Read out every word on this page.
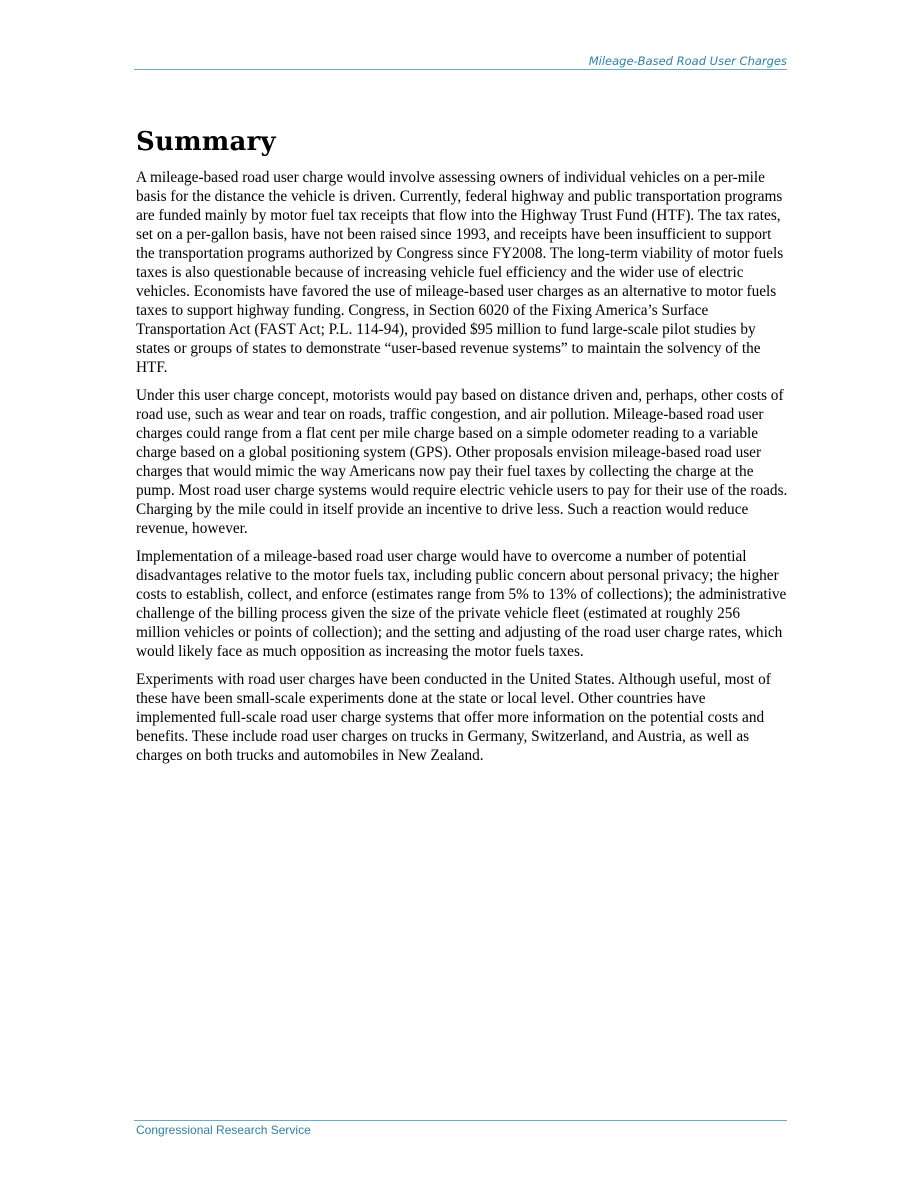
Mileage-Based Road User Charges
Summary

A mileage-based road user charge would involve assessing owners of individual vehicles on a per-mile basis for the distance the vehicle is driven. Currently, federal highway and public transportation programs are funded mainly by motor fuel tax receipts that flow into the Highway Trust Fund (HTF). The tax rates, set on a per-gallon basis, have not been raised since 1993, and receipts have been insufficient to support the transportation programs authorized by Congress since FY2008. The long-term viability of motor fuels taxes is also questionable because of increasing vehicle fuel efficiency and the wider use of electric vehicles. Economists have favored the use of mileage-based user charges as an alternative to motor fuels taxes to support highway funding. Congress, in Section 6020 of the Fixing America’s Surface Transportation Act (FAST Act; P.L. 114-94), provided $95 million to fund large-scale pilot studies by states or groups of states to demonstrate “user-based revenue systems” to maintain the solvency of the HTF.

Under this user charge concept, motorists would pay based on distance driven and, perhaps, other costs of road use, such as wear and tear on roads, traffic congestion, and air pollution. Mileage-based road user charges could range from a flat cent per mile charge based on a simple odometer reading to a variable charge based on a global positioning system (GPS). Other proposals envision mileage-based road user charges that would mimic the way Americans now pay their fuel taxes by collecting the charge at the pump. Most road user charge systems would require electric vehicle users to pay for their use of the roads. Charging by the mile could in itself provide an incentive to drive less. Such a reaction would reduce revenue, however.

Implementation of a mileage-based road user charge would have to overcome a number of potential disadvantages relative to the motor fuels tax, including public concern about personal privacy; the higher costs to establish, collect, and enforce (estimates range from 5% to 13% of collections); the administrative challenge of the billing process given the size of the private vehicle fleet (estimated at roughly 256 million vehicles or points of collection); and the setting and adjusting of the road user charge rates, which would likely face as much opposition as increasing the motor fuels taxes.

Experiments with road user charges have been conducted in the United States. Although useful, most of these have been small-scale experiments done at the state or local level. Other countries have implemented full-scale road user charge systems that offer more information on the potential costs and benefits. These include road user charges on trucks in Germany, Switzerland, and Austria, as well as charges on both trucks and automobiles in New Zealand.

Congressional Research Service
